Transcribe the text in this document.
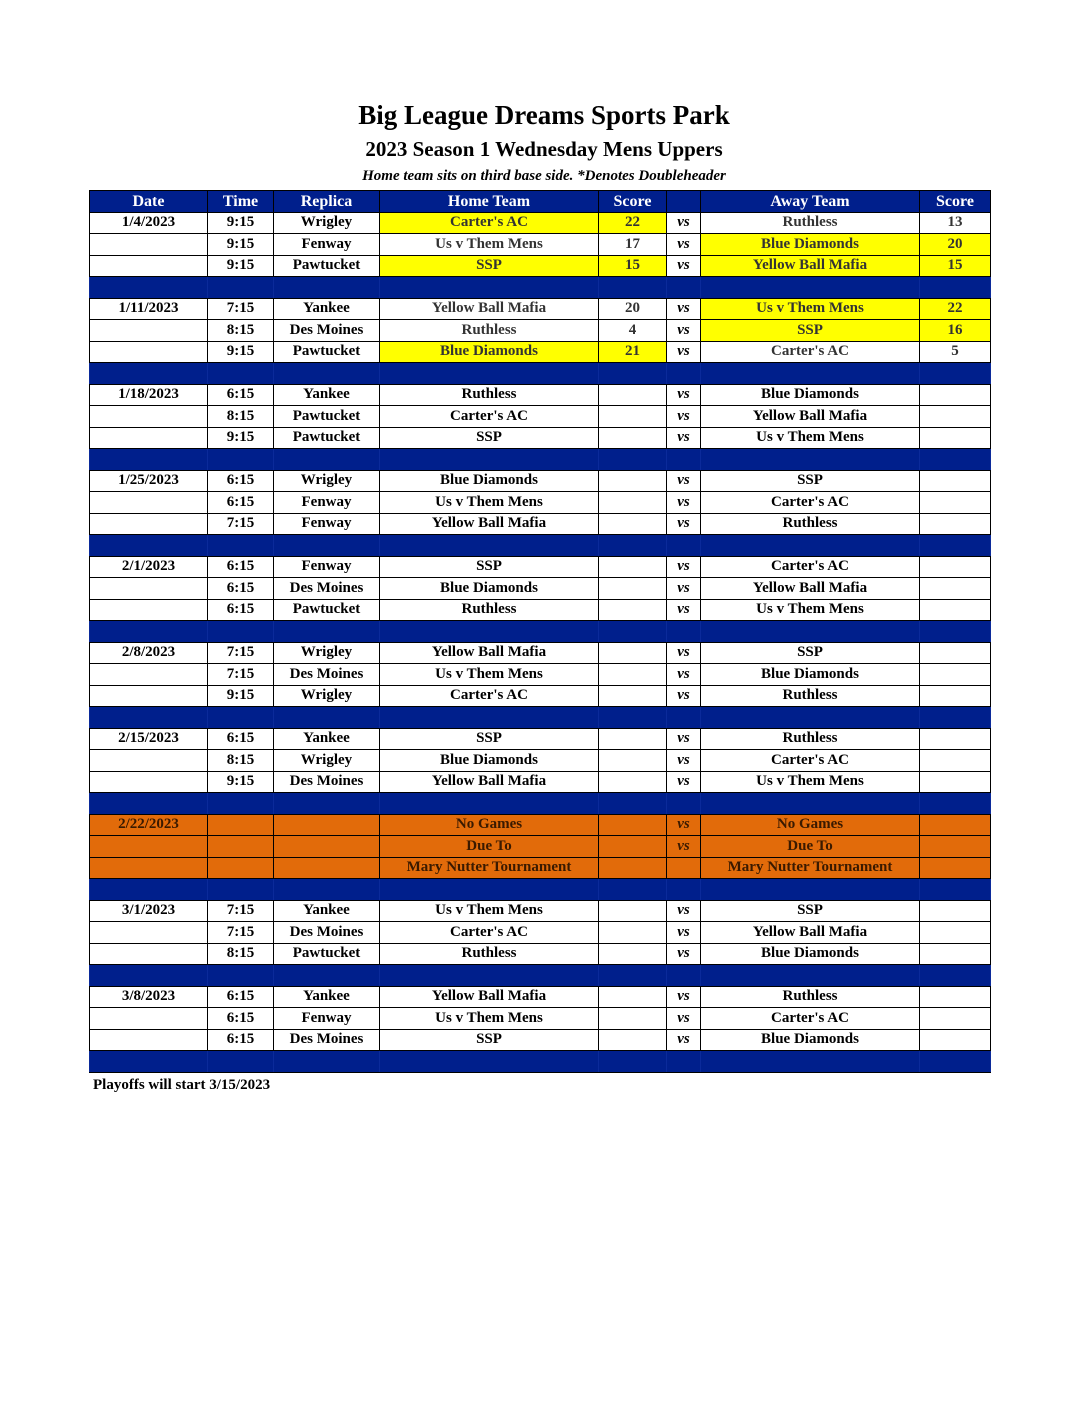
Big League Dreams Sports Park
2023 Season 1 Wednesday Mens Uppers
Home team sits on third base side. *Denotes Doubleheader
Date	Time	Replica	Home Team	Score		Away Team	Score
1/4/2023	9:15	Wrigley	Carter's AC	22	vs	Ruthless	13
	9:15	Fenway	Us v Them Mens	17	vs	Blue Diamonds	20
	9:15	Pawtucket	SSP	15	vs	Yellow Ball Mafia	15

1/11/2023	7:15	Yankee	Yellow Ball Mafia	20	vs	Us v Them Mens	22
	8:15	Des Moines	Ruthless	4	vs	SSP	16
	9:15	Pawtucket	Blue Diamonds	21	vs	Carter's AC	5

1/18/2023	6:15	Yankee	Ruthless		vs	Blue Diamonds	
	8:15	Pawtucket	Carter's AC		vs	Yellow Ball Mafia	
	9:15	Pawtucket	SSP		vs	Us v Them Mens	

1/25/2023	6:15	Wrigley	Blue Diamonds		vs	SSP	
	6:15	Fenway	Us v Them Mens		vs	Carter's AC	
	7:15	Fenway	Yellow Ball Mafia		vs	Ruthless	

2/1/2023	6:15	Fenway	SSP		vs	Carter's AC	
	6:15	Des Moines	Blue Diamonds		vs	Yellow Ball Mafia	
	6:15	Pawtucket	Ruthless		vs	Us v Them Mens	

2/8/2023	7:15	Wrigley	Yellow Ball Mafia		vs	SSP	
	7:15	Des Moines	Us v Them Mens		vs	Blue Diamonds	
	9:15	Wrigley	Carter's AC		vs	Ruthless	

2/15/2023	6:15	Yankee	SSP		vs	Ruthless	
	8:15	Wrigley	Blue Diamonds		vs	Carter's AC	
	9:15	Des Moines	Yellow Ball Mafia		vs	Us v Them Mens	

2/22/2023			No Games		vs	No Games	
			Due To		vs	Due To	
			Mary Nutter Tournament			Mary Nutter Tournament	

3/1/2023	7:15	Yankee	Us v Them Mens		vs	SSP	
	7:15	Des Moines	Carter's AC		vs	Yellow Ball Mafia	
	8:15	Pawtucket	Ruthless		vs	Blue Diamonds	

3/8/2023	6:15	Yankee	Yellow Ball Mafia		vs	Ruthless	
	6:15	Fenway	Us v Them Mens		vs	Carter's AC	
	6:15	Des Moines	SSP		vs	Blue Diamonds	

Playoffs will start 3/15/2023
